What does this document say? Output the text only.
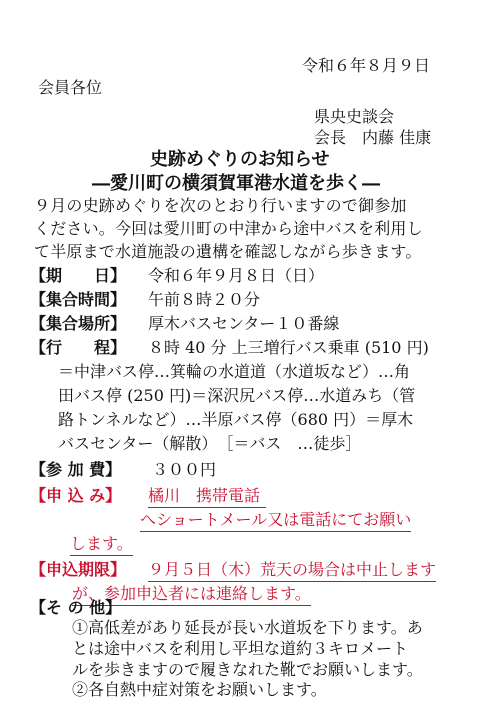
令和６年８月９日
会員各位
県央史談会
会長　内藤 佳康
史跡めぐりのお知らせ
―愛川町の横須賀軍港水道を歩く―
９月の史跡めぐりを次のとおり行いますので御参加
ください。今回は愛川町の中津から途中バスを利用し
て半原まで水道施設の遺構を確認しながら歩きます。
【期　　日】 令和６年９月８日（日）
【集合時間】 午前８時２０分
【集合場所】 厚木バスセンター１０番線
【行　　程】 ８時 40 分 上三増行バス乗車 (510 円)
＝中津バス停…箕輪の水道道（水道坂など）…角
田バス停 (250 円)＝深沢尻バス停…水道みち（管
路トンネルなど）…半原バス停（680 円）＝厚木
バスセンター（解散）　［＝バス　…徒歩］
【参 加 費】 ３００円
【申 込 み】 橘川　携帯電話
へショートメール又は電話にてお願い
します。
【申込期限】 ９月５日（木）荒天の場合は中止します
が、参加申込者には連絡します。
【そ の 他】
①高低差があり延長が長い水道坂を下ります。あ
とは途中バスを利用し平坦な道約３キロメート
ルを歩きますので履きなれた靴でお願いします。
②各自熱中症対策をお願いします。
